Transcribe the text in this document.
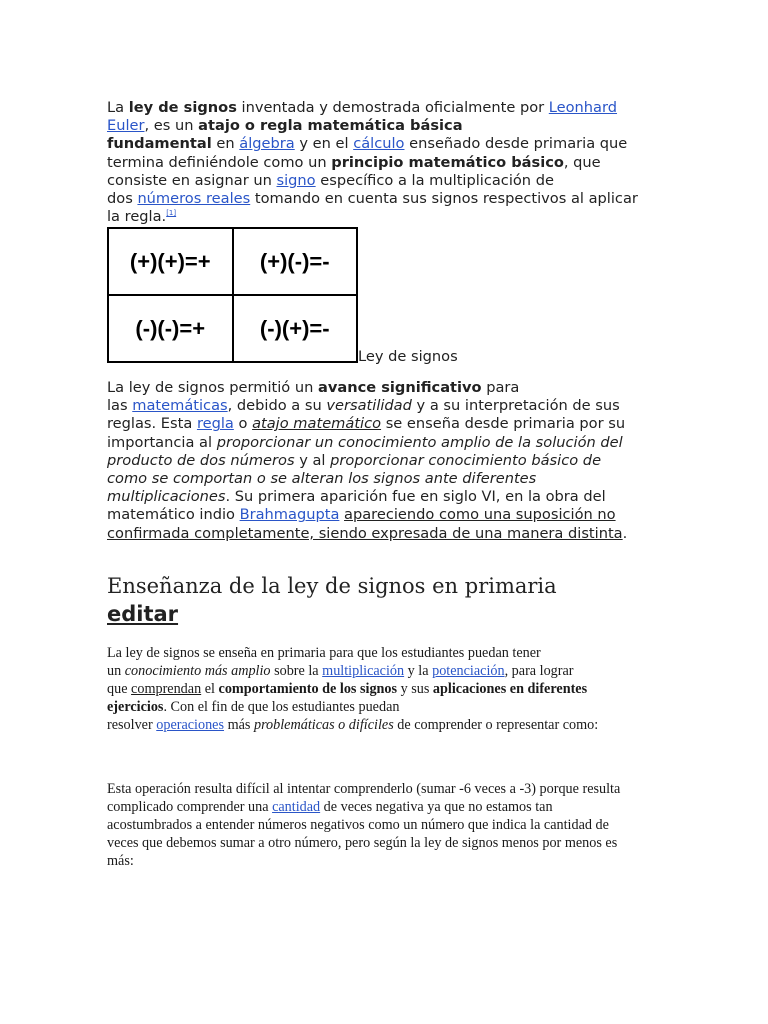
La ley de signos inventada y demostrada oficialmente por Leonhard
Euler, es un atajo o regla matemática básica
fundamental en álgebra y en el cálculo enseñado desde primaria que
termina definiéndole como un principio matemático básico, que
consiste en asignar un signo específico a la multiplicación de
dos números reales tomando en cuenta sus signos respectivos al aplicar
la regla.[1]
(+)(+)=+	(+)(-)=-
(-)(-)=+	(-)(+)=-
Ley de signos
La ley de signos permitió un avance significativo para
las matemáticas, debido a su versatilidad y a su interpretación de sus
reglas. Esta regla o atajo matemático se enseña desde primaria por su
importancia al proporcionar un conocimiento amplio de la solución del
producto de dos números y al proporcionar conocimiento básico de
como se comportan o se alteran los signos ante diferentes
multiplicaciones. Su primera aparición fue en siglo VI, en la obra del
matemático indio Brahmagupta apareciendo como una suposición no
confirmada completamente, siendo expresada de una manera distinta.
Enseñanza de la ley de signos en primaria
editar
La ley de signos se enseña en primaria para que los estudiantes puedan tener
un conocimiento más amplio sobre la multiplicación y la potenciación, para lograr
que comprendan el comportamiento de los signos y sus aplicaciones en diferentes
ejercicios. Con el fin de que los estudiantes puedan
resolver operaciones más problemáticas o difíciles de comprender o representar como:
Esta operación resulta difícil al intentar comprenderlo (sumar -6 veces a -3) porque resulta
complicado comprender una cantidad de veces negativa ya que no estamos tan
acostumbrados a entender números negativos como un número que indica la cantidad de
veces que debemos sumar a otro número, pero según la ley de signos menos por menos es
más:
